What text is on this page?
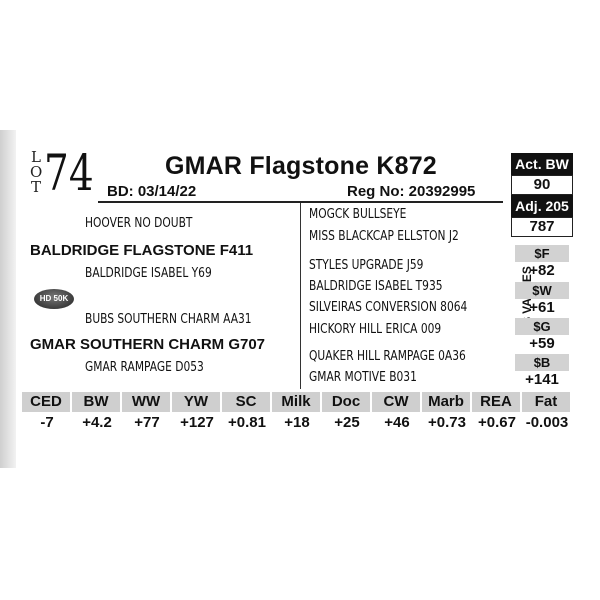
L
O
T 74	GMAR Flagstone K872
BD: 03/14/22	Reg No: 20392995
HOOVER NO DOUBT
BALDRIDGE FLAGSTONE F411
BALDRIDGE ISABEL Y69
BUBS SOUTHERN CHARM AA31
GMAR SOUTHERN CHARM G707
GMAR RAMPAGE D053
HD 50K
MOGCK BULLSEYE
MISS BLACKCAP ELLSTON J2
STYLES UPGRADE J59
BALDRIDGE ISABEL T935
SILVEIRAS CONVERSION 8064
HICKORY HILL ERICA 009
QUAKER HILL RAMPAGE 0A36
GMAR MOTIVE B031
Act. BW
90
Adj. 205
787
$F
+82
$W
+61
$G
+59
$B
+141
CED	BW	WW	YW	SC	Milk	Doc	CW	Marb	REA	Fat
-7	+4.2	+77	+127 +0.81	+18	+25	+46	+0.73 +0.67 -0.003
